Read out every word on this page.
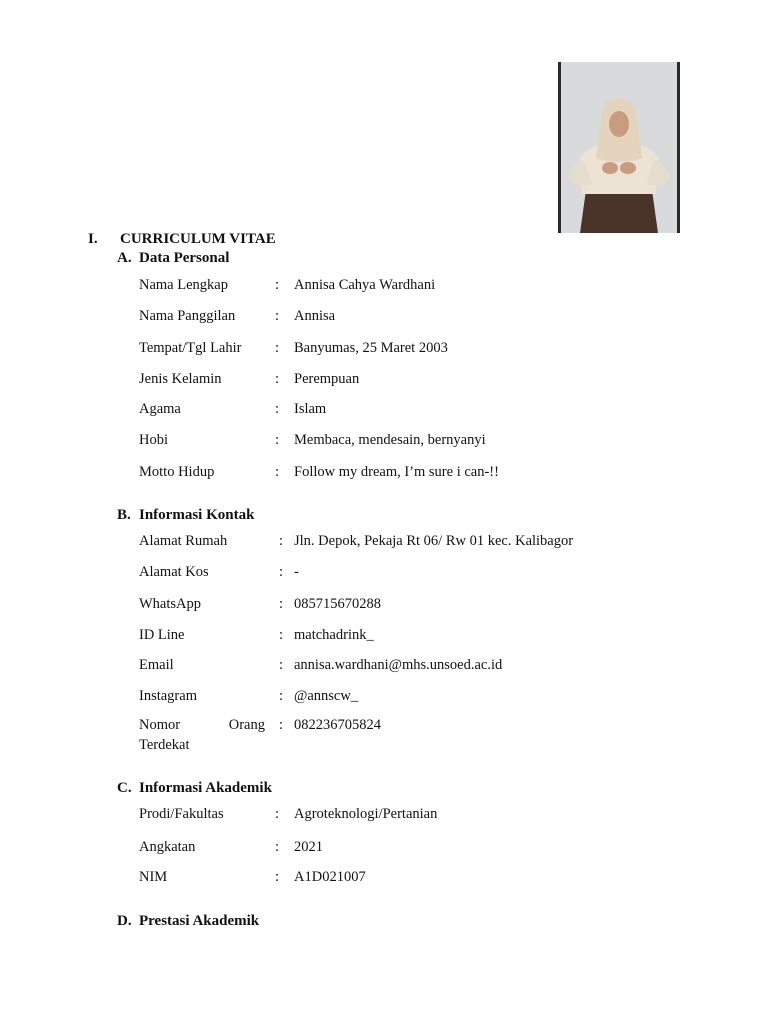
I. CURRICULUM VITAE
A. Data Personal
Nama Lengkap	: Annisa Cahya Wardhani
Nama Panggilan	: Annisa
Tempat/Tgl Lahir : Banyumas, 25 Maret 2003
Jenis Kelamin	: Perempuan
Agama	: Islam
Hobi	: Membaca, mendesain, bernyanyi
Motto Hidup	: Follow my dream, I’m sure i can-!!
B. Informasi Kontak
Alamat Rumah	: Jln. Depok, Pekaja Rt 06/ Rw 01 kec. Kalibagor
Alamat Kos	: -
WhatsApp	: 085715670288
ID Line	: matchadrink_
Email	: annisa.wardhani@mhs.unsoed.ac.id
Instagram	: @annscw_
Nomor Orang
Terdekat
: 082236705824
C. Informasi Akademik
Prodi/Fakultas	: Agroteknologi/Pertanian
Angkatan	: 2021
NIM	: A1D021007
D. Prestasi Akademik
